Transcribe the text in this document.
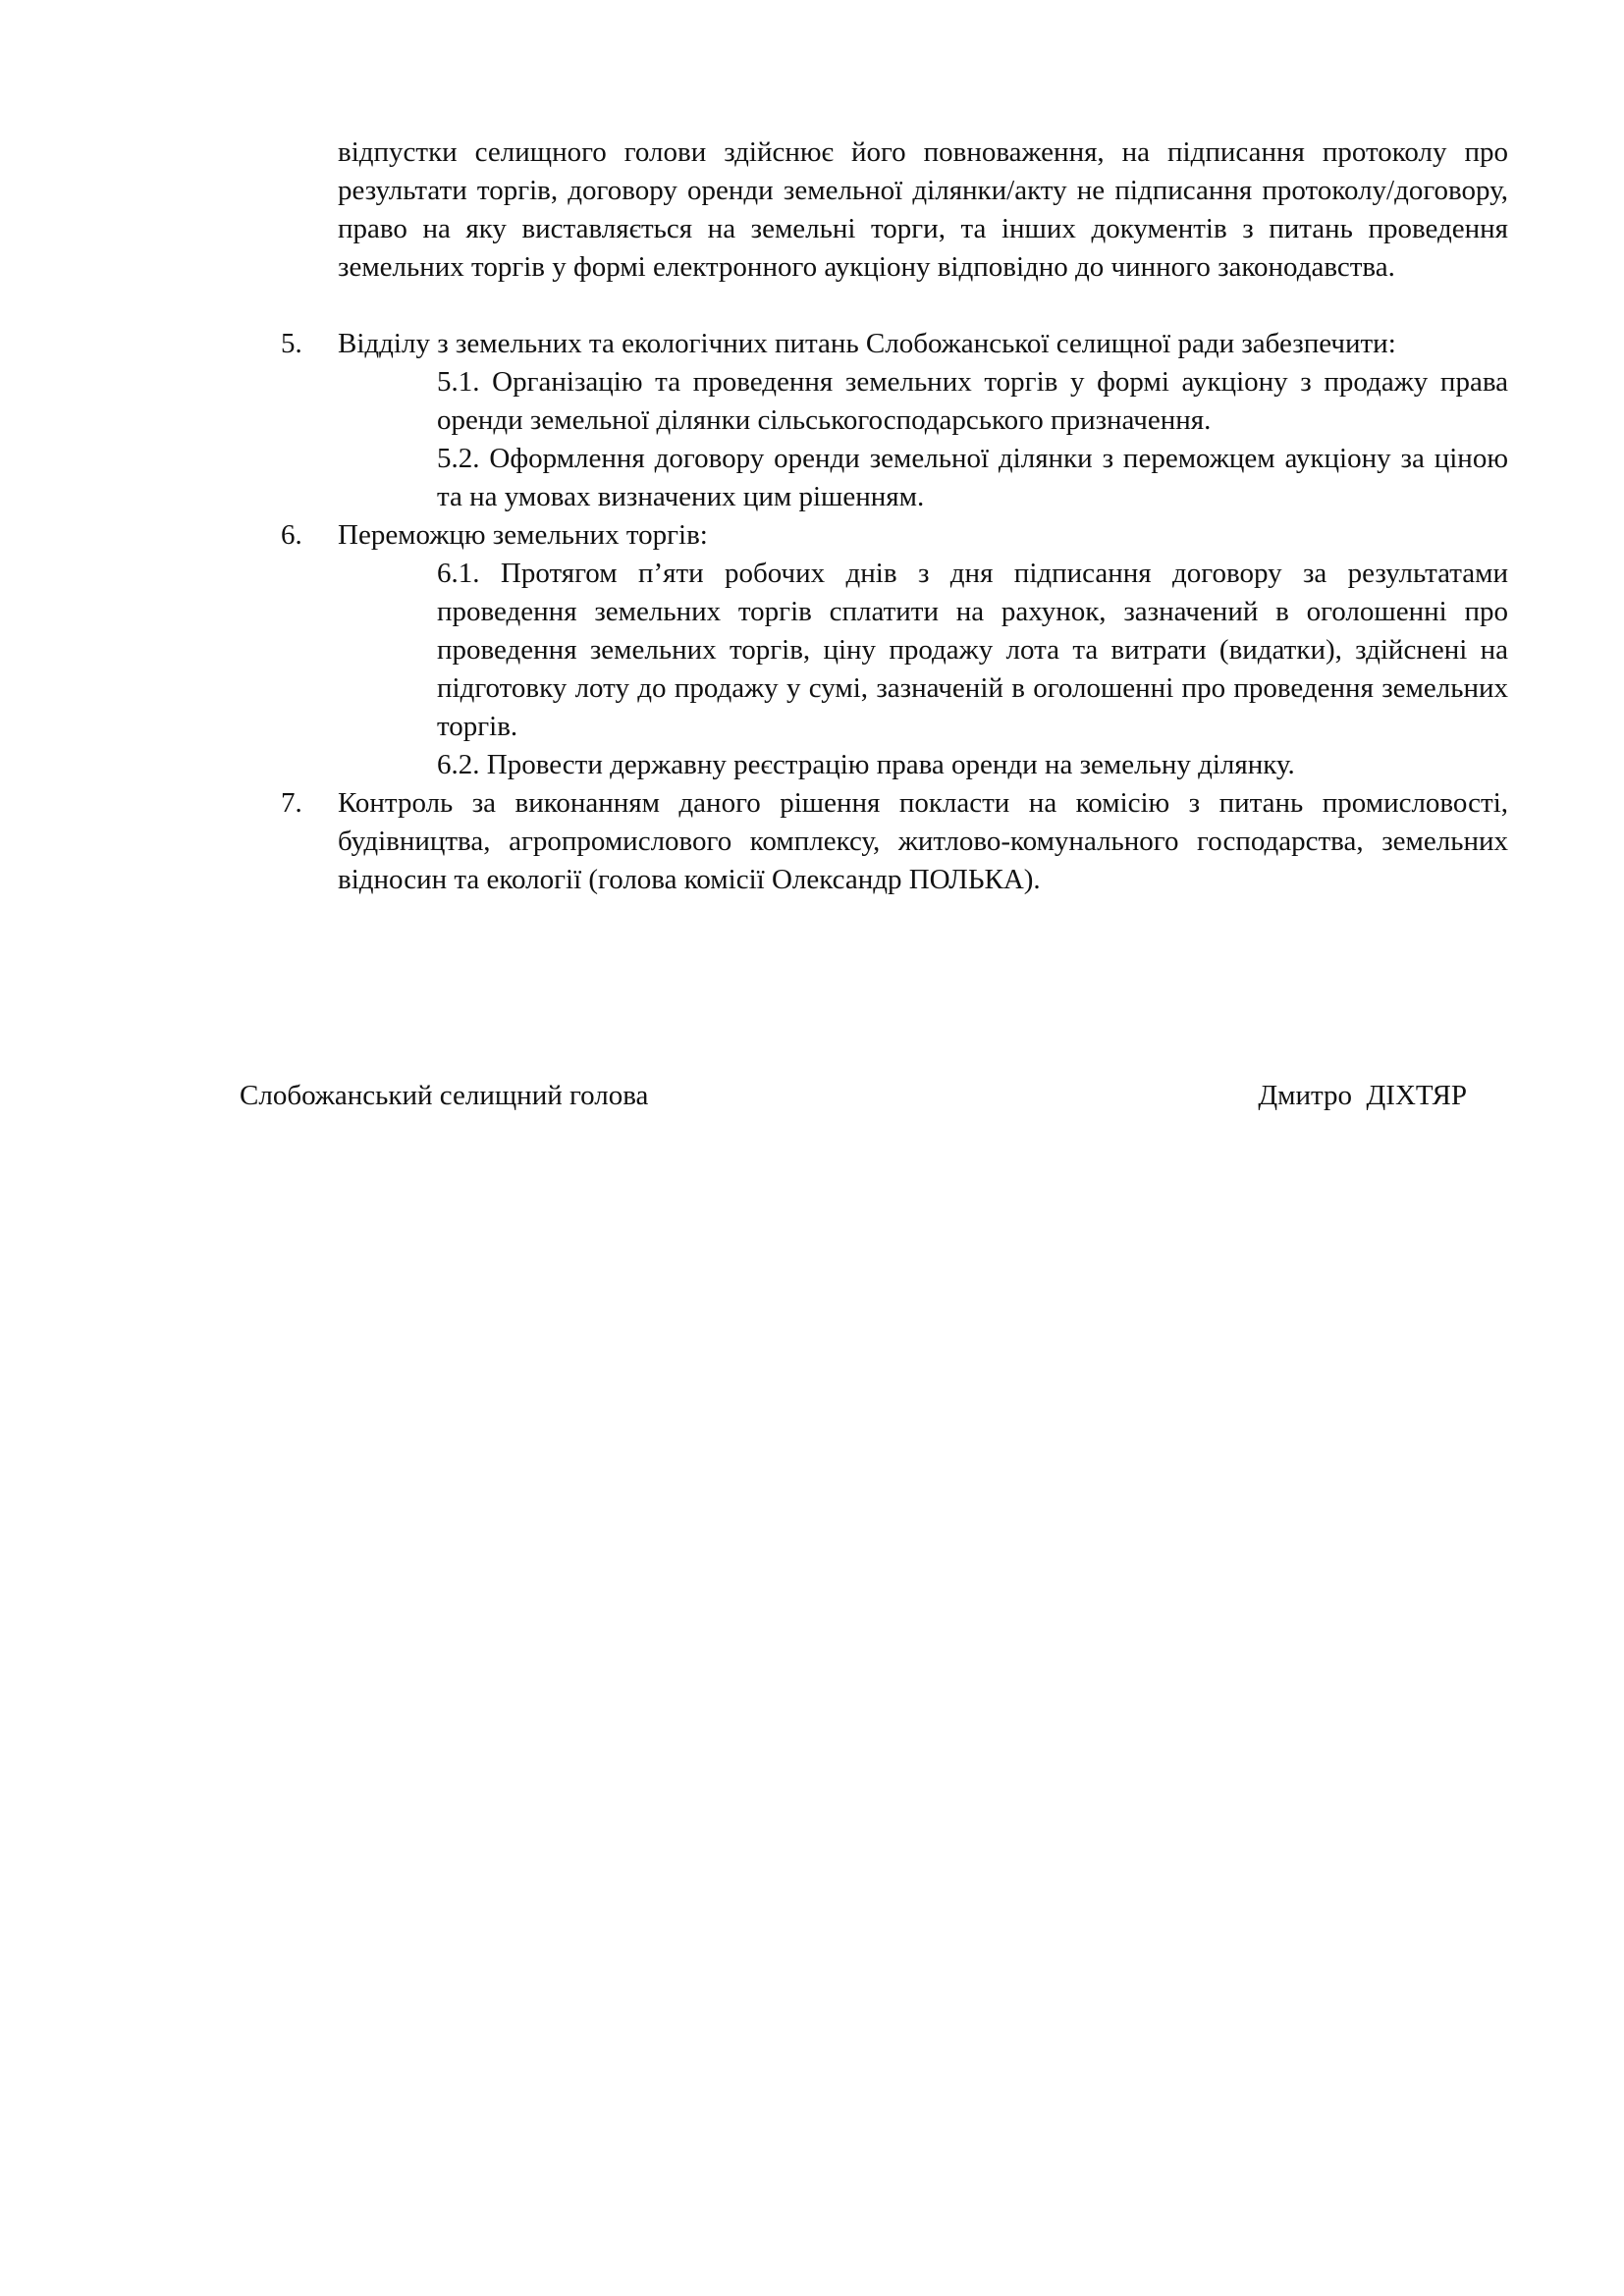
відпустки селищного голови здійснює його повноваження, на підписання протоколу про результати торгів, договору оренди земельної ділянки/акту не підписання протоколу/договору, право на яку виставляється на земельні торги, та інших документів з питань проведення земельних торгів у формі електронного аукціону відповідно до чинного законодавства.

5.	Відділу з земельних та екологічних питань Слобожанської селищної ради забезпечити:

5.1. Організацію та проведення земельних торгів у формі аукціону з продажу права оренди земельної ділянки сільськогосподарського призначення.

5.2. Оформлення договору оренди земельної ділянки з переможцем аукціону за ціною та на умовах визначених цим рішенням.

6.	Переможцю земельних торгів:

6.1. Протягом п’яти робочих днів з дня підписання договору за результатами проведення земельних торгів сплатити на рахунок, зазначений в оголошенні про проведення земельних торгів, ціну продажу лота та витрати (видатки), здійснені на підготовку лоту до продажу у сумі, зазначеній в оголошенні про проведення земельних торгів.

6.2. Провести державну реєстрацію права оренди на земельну ділянку.

7.	Контроль за виконанням даного рішення покласти на комісію з питань промисловості, будівництва, агропромислового комплексу, житлово-комунального господарства, земельних відносин та екології (голова комісії Олександр ПОЛЬКА).

Слобожанський селищний голова	Дмитро  ДІХТЯР
